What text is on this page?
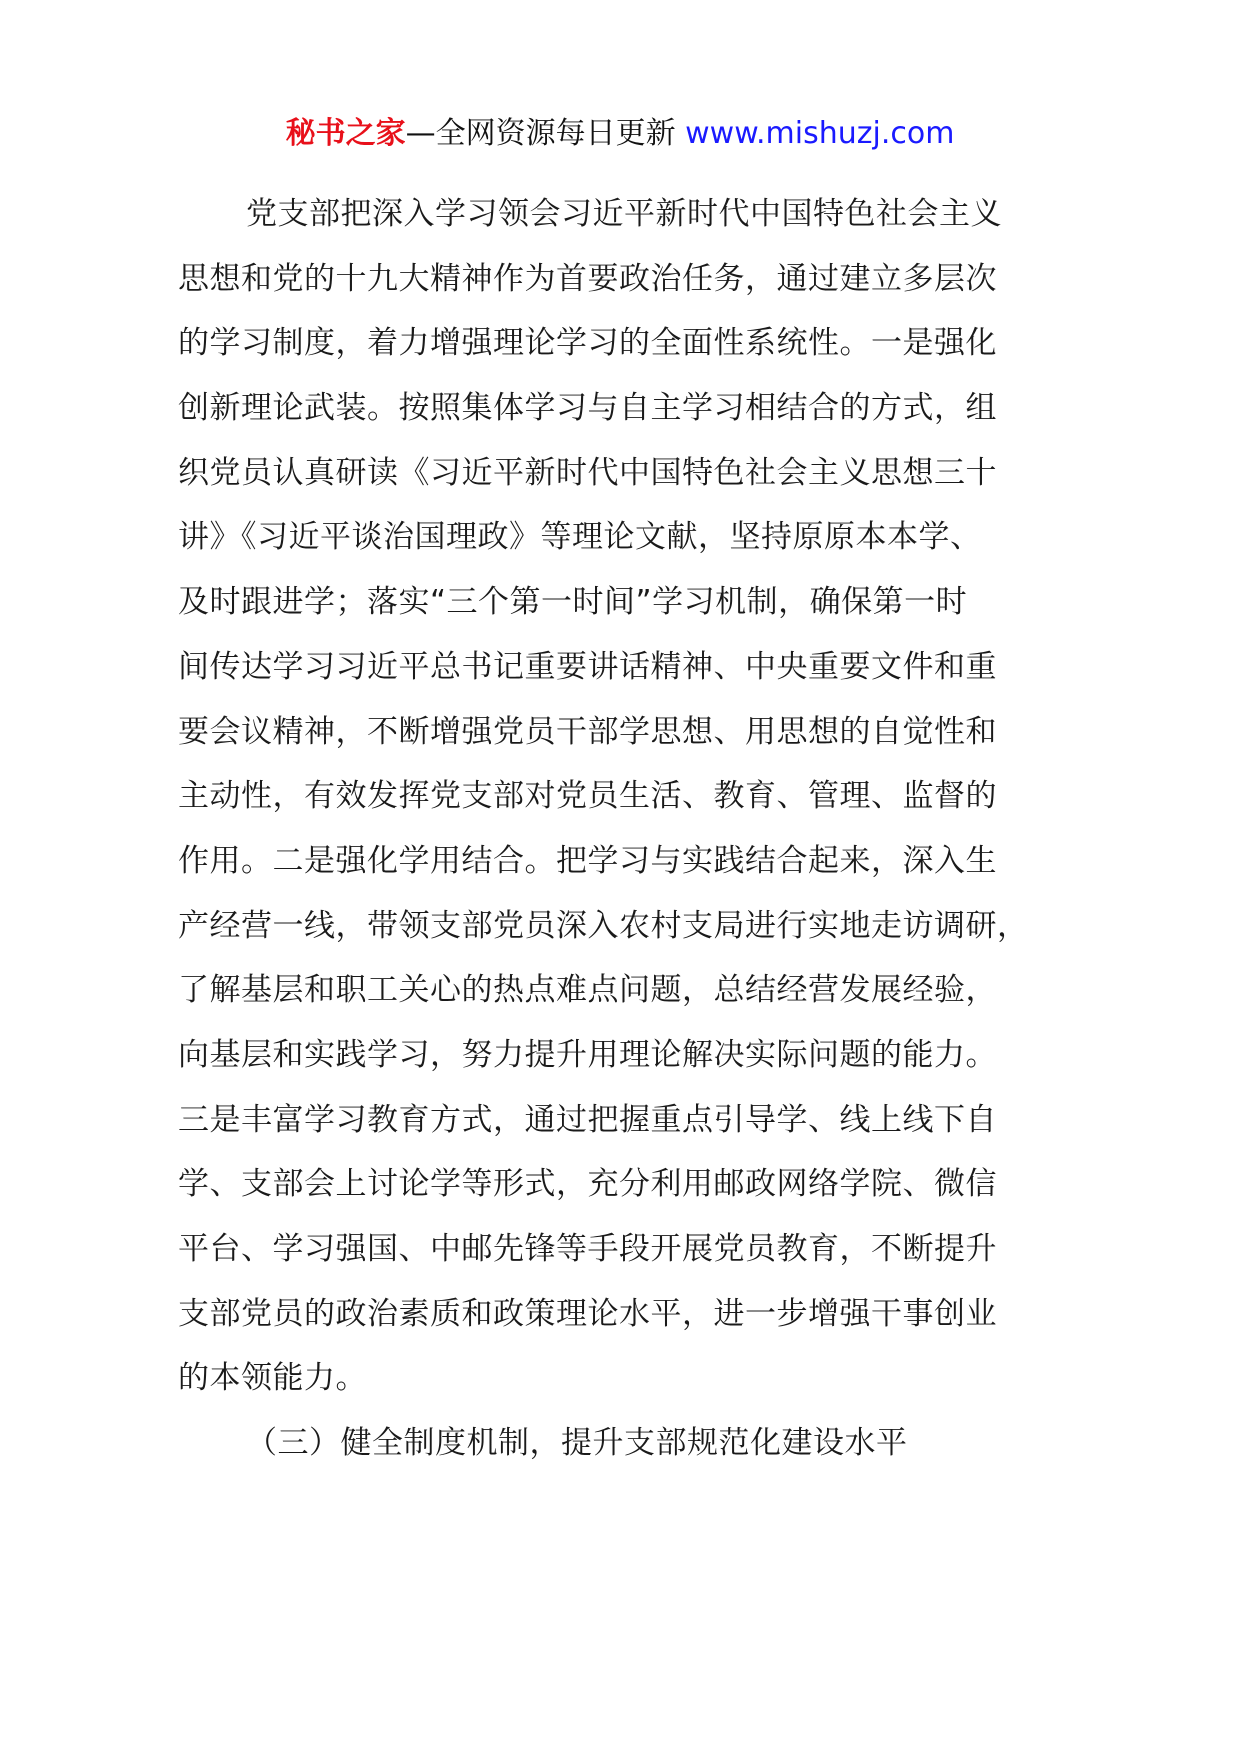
秘书之家—全网资源每日更新 www.mishuzj.com
党支部把深入学习领会习近平新时代中国特色社会主义
思想和党的十九大精神作为首要政治任务，通过建立多层次
的学习制度，着力增强理论学习的全面性系统性。一是强化
创新理论武装。按照集体学习与自主学习相结合的方式，组
织党员认真研读《习近平新时代中国特色社会主义思想三十
讲》《习近平谈治国理政》等理论文献，坚持原原本本学、
及时跟进学；落实“三个第一时间”学习机制，确保第一时
间传达学习习近平总书记重要讲话精神、中央重要文件和重
要会议精神，不断增强党员干部学思想、用思想的自觉性和
主动性，有效发挥党支部对党员生活、教育、管理、监督的
作用。二是强化学用结合。把学习与实践结合起来，深入生
产经营一线，带领支部党员深入农村支局进行实地走访调研，
了解基层和职工关心的热点难点问题，总结经营发展经验，
向基层和实践学习，努力提升用理论解决实际问题的能力。
三是丰富学习教育方式，通过把握重点引导学、线上线下自
学、支部会上讨论学等形式，充分利用邮政网络学院、微信
平台、学习强国、中邮先锋等手段开展党员教育，不断提升
支部党员的政治素质和政策理论水平，进一步增强干事创业
的本领能力。
（三）健全制度机制，提升支部规范化建设水平
